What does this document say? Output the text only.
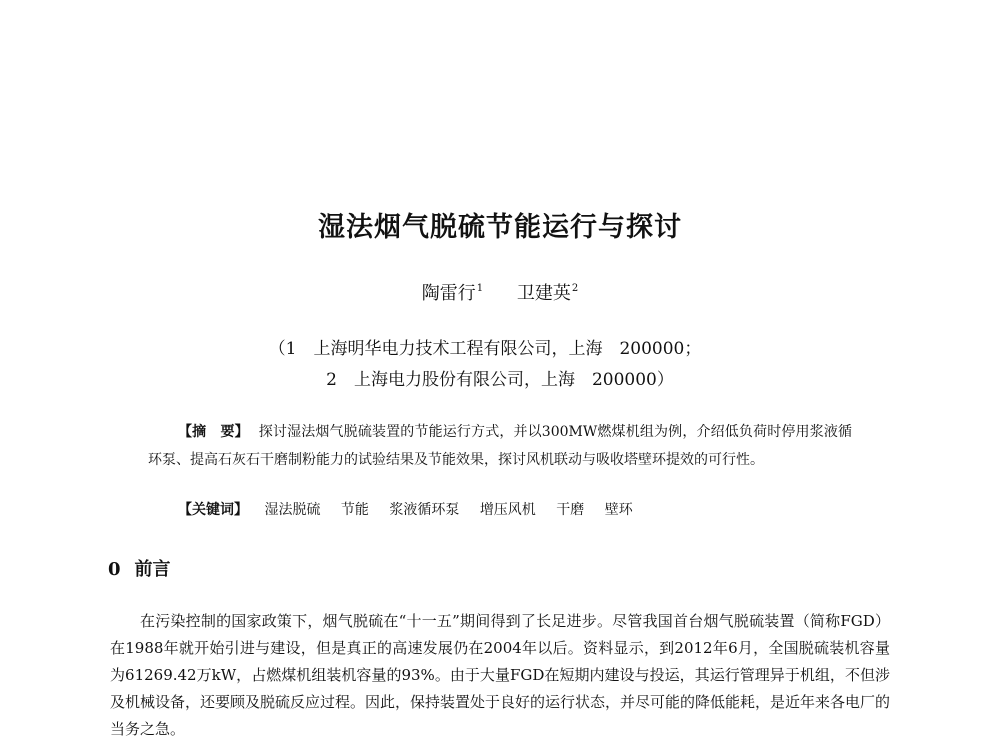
湿法烟气脱硫节能运行与探讨
陶雷行$^1$ 卫建英$^2$
（1　上海明华电力技术工程有限公司，上海　200000；
2　上海电力股份有限公司，上海　200000）
【摘　要】 探讨湿法烟气脱硫装置的节能运行方式，并以300MW燃煤机组为例，介绍低负荷时停用浆液循环泵、提高石灰石干磨制粉能力的试验结果及节能效果，探讨风机联动与吸收塔壁环提效的可行性。
【关键词】 湿法脱硫 节能 浆液循环泵 增压风机 干磨 壁环
0 前言
在污染控制的国家政策下，烟气脱硫在“十一五”期间得到了长足进步。尽管我国首台烟气脱硫装置（简称FGD）在1988年就开始引进与建设，但是真正的高速发展仍在2004年以后。资料显示，到2012年6月，全国脱硫装机容量为61269.42万kW，占燃煤机组装机容量的93%。由于大量FGD在短期内建设与投运，其运行管理异于机组，不但涉及机械设备，还要顾及脱硫反应过程。因此，保持装置处于良好的运行状态，并尽可能的降低能耗，是近年来各电厂的当务之急。
